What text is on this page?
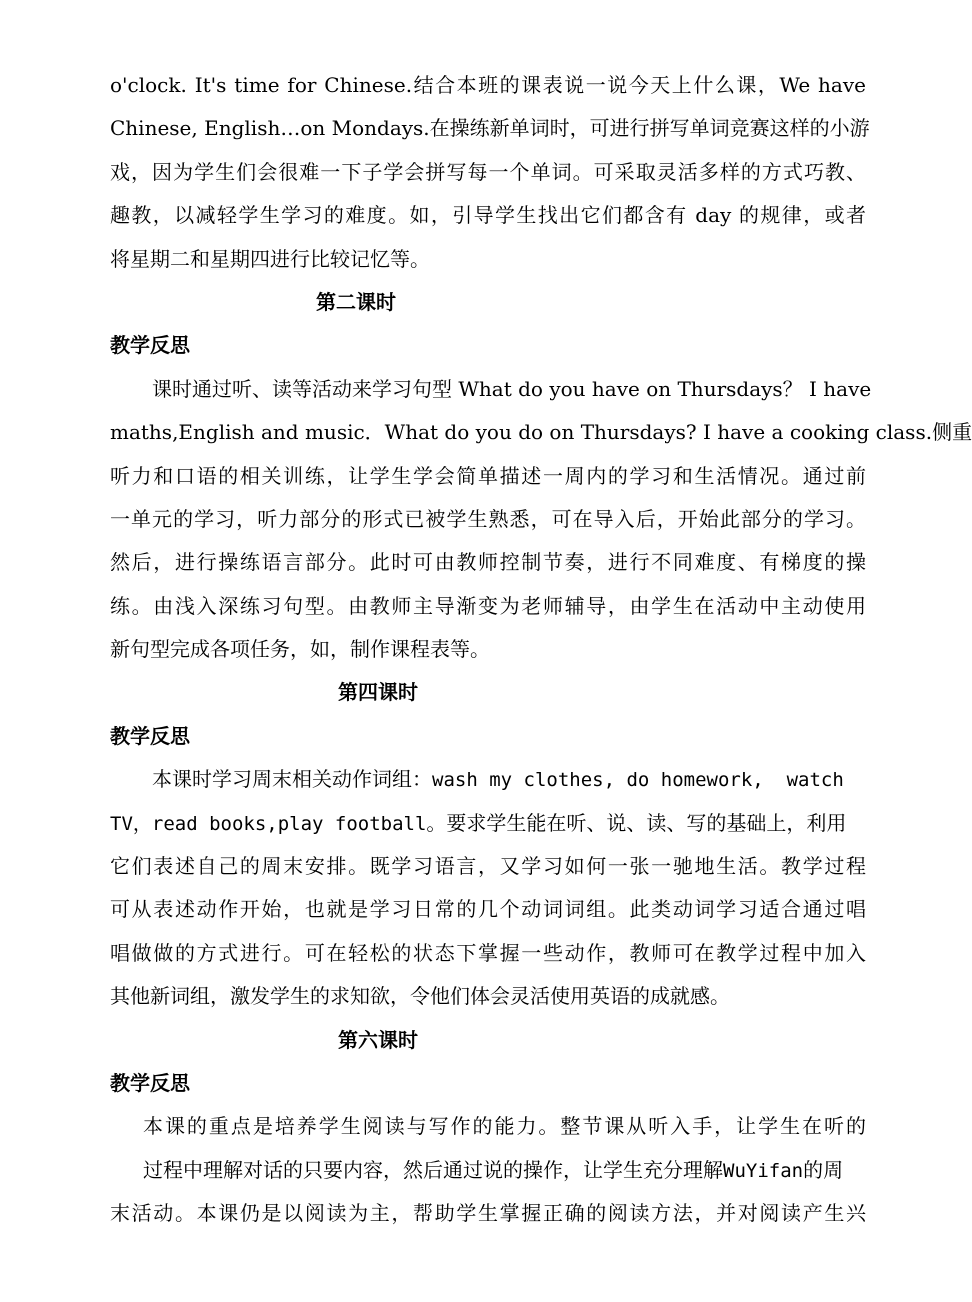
o'clock. It's time for Chinese.结合本班的课表说一说今天上什么课，We have
Chinese, English…on Mondays.在操练新单词时，可进行拼写单词竞赛这样的小游
戏，因为学生们会很难一下子学会拼写每一个单词。可采取灵活多样的方式巧教、
趣教，以减轻学生学习的难度。如，引导学生找出它们都含有 day 的规律，或者
将星期二和星期四进行比较记忆等。
第二课时
教学反思
课时通过听、读等活动来学习句型 What do you have on Thursdays？ I have
maths,English and music．What do you do on Thursdays? I have a cooking class.侧重
听力和口语的相关训练，让学生学会简单描述一周内的学习和生活情况。通过前
一单元的学习，听力部分的形式已被学生熟悉，可在导入后，开始此部分的学习。
然后，进行操练语言部分。此时可由教师控制节奏，进行不同难度、有梯度的操
练。由浅入深练习句型。由教师主导渐变为老师辅导，由学生在活动中主动使用
新句型完成各项任务，如，制作课程表等。
第四课时
教学反思
本课时学习周末相关动作词组：wash my clothes, do homework,  watch
TV，read books,play football。要求学生能在听、说、读、写的基础上，利用
它们表述自己的周末安排。既学习语言，又学习如何一张一驰地生活。教学过程
可从表述动作开始，也就是学习日常的几个动词词组。此类动词学习适合通过唱
唱做做的方式进行。可在轻松的状态下掌握一些动作，教师可在教学过程中加入
其他新词组，激发学生的求知欲，令他们体会灵活使用英语的成就感。
第六课时
教学反思
本课的重点是培养学生阅读与写作的能力。整节课从听入手，让学生在听的
过程中理解对话的只要内容，然后通过说的操作，让学生充分理解WuYifan的周
末活动。本课仍是以阅读为主，帮助学生掌握正确的阅读方法，并对阅读产生兴
